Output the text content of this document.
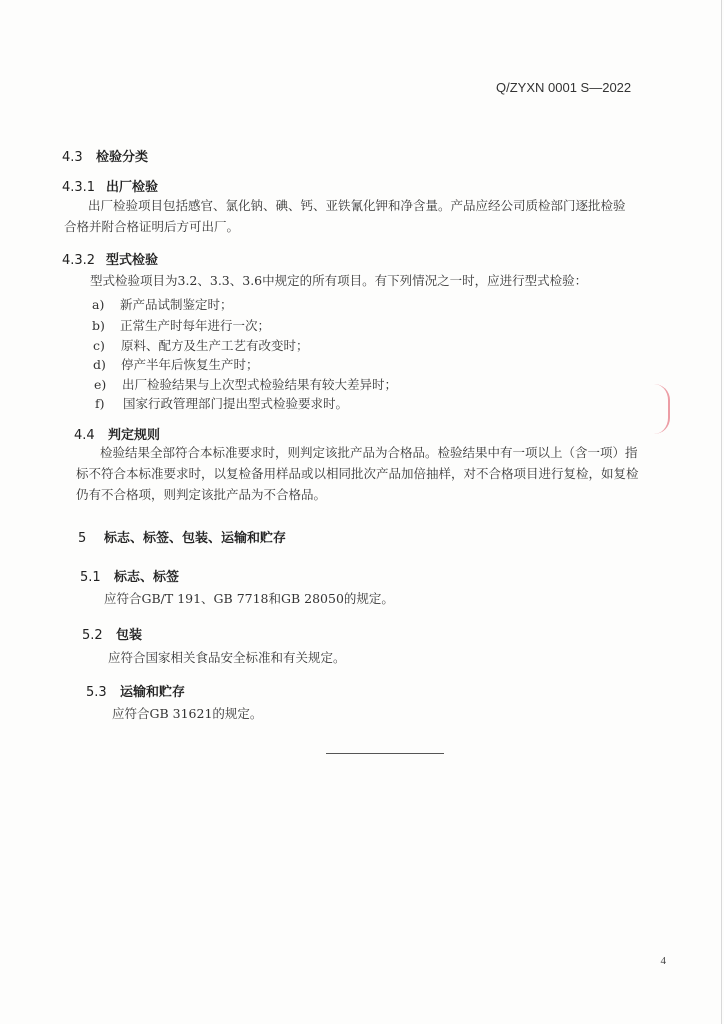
Q/ZYXN 0001 S—2022
4.3 检验分类
4.3.1 出厂检验
出厂检验项目包括感官、氯化钠、碘、钙、亚铁氰化钾和净含量。产品应经公司质检部门逐批检验
合格并附合格证明后方可出厂。
4.3.2 型式检验
型式检验项目为3.2、3.3、3.6中规定的所有项目。有下列情况之一时，应进行型式检验：
a) 新产品试制鉴定时；
b) 正常生产时每年进行一次；
c) 原料、配方及生产工艺有改变时；
d) 停产半年后恢复生产时；
e) 出厂检验结果与上次型式检验结果有较大差异时；
f) 国家行政管理部门提出型式检验要求时。
4.4 判定规则
检验结果全部符合本标准要求时，则判定该批产品为合格品。检验结果中有一项以上（含一项）指
标不符合本标准要求时，以复检备用样品或以相同批次产品加倍抽样，对不合格项目进行复检，如复检
仍有不合格项，则判定该批产品为不合格品。
5 标志、标签、包装、运输和贮存
5.1 标志、标签
应符合GB/T 191、GB 7718和GB 28050的规定。
5.2 包装
应符合国家相关食品安全标准和有关规定。
5.3 运输和贮存
应符合GB 31621的规定。
4
